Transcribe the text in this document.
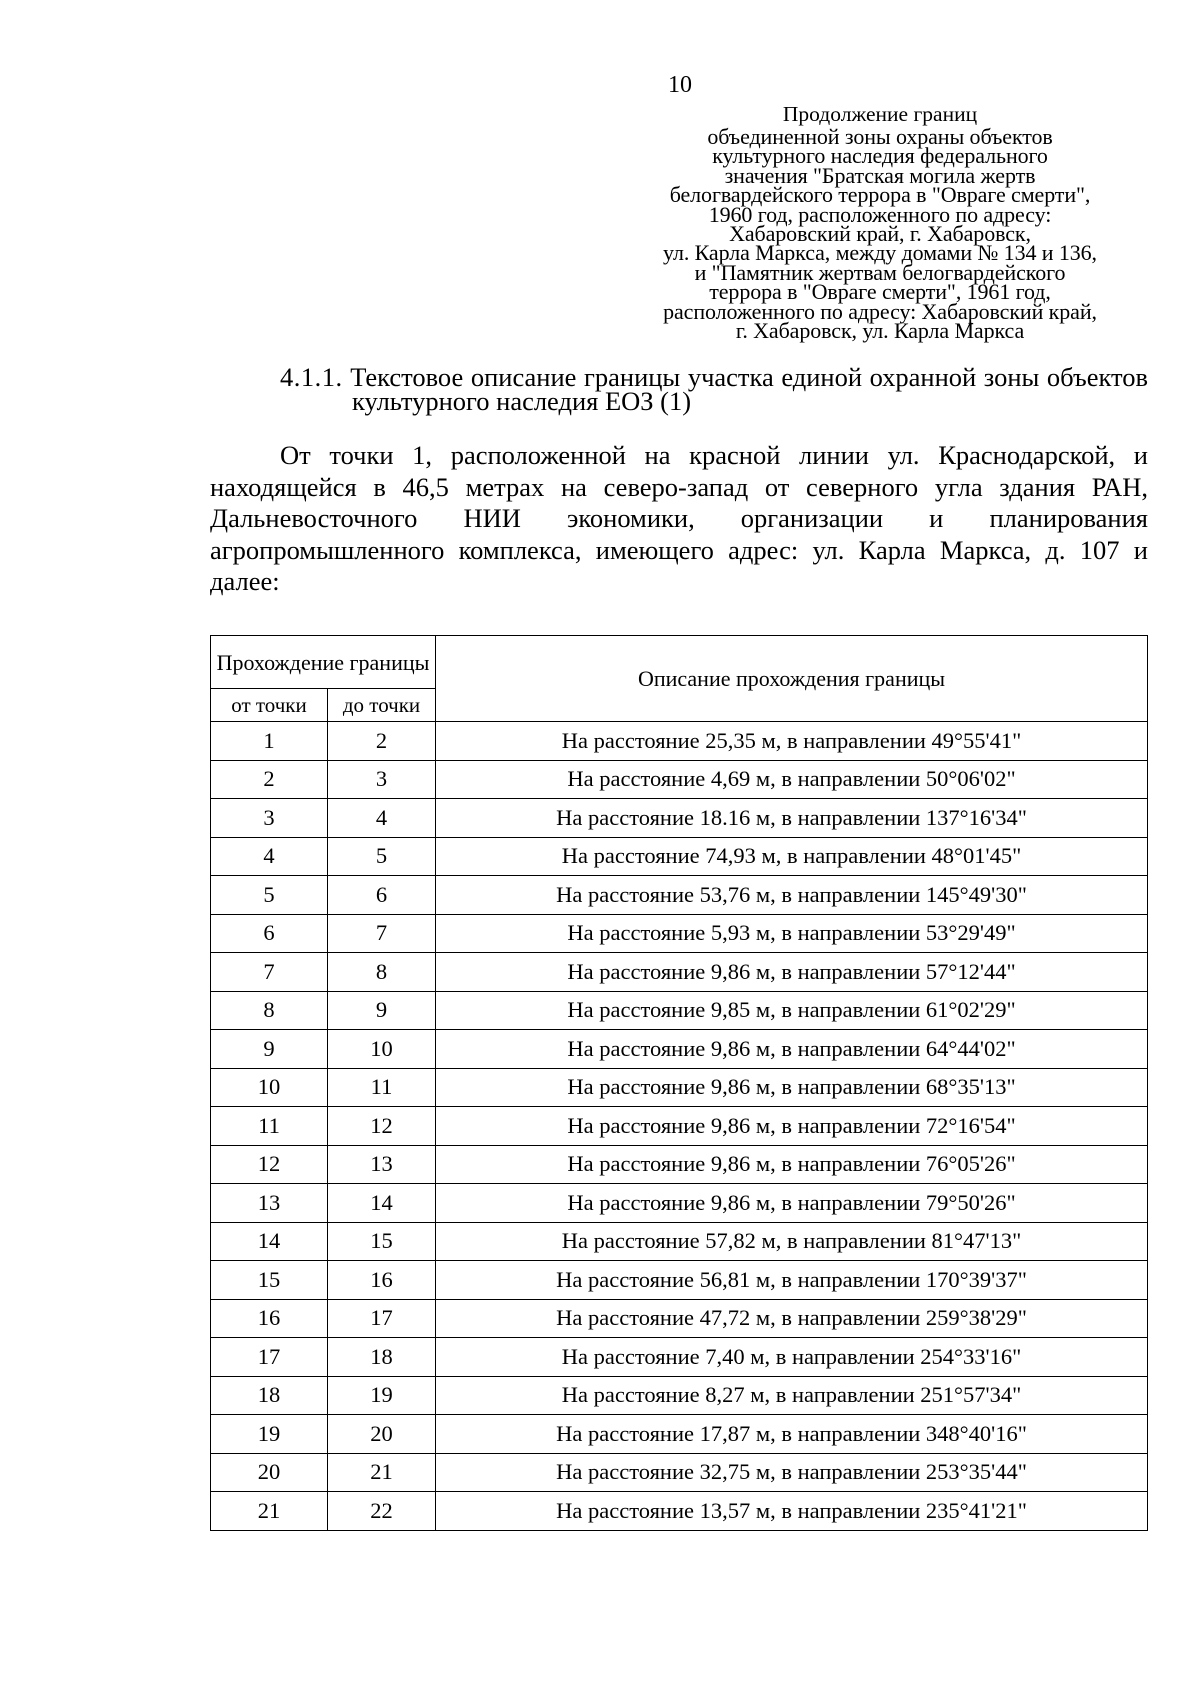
10
Продолжение границ
объединенной зоны охраны объектов
культурного наследия федерального
значения "Братская могила жертв
белогвардейского террора в "Овраге смерти",
1960 год, расположенного по адресу:
Хабаровский край, г. Хабаровск,
ул. Карла Маркса, между домами № 134 и 136,
и "Памятник жертвам белогвардейского
террора в "Овраге смерти", 1961 год,
расположенного по адресу: Хабаровский край,
г. Хабаровск, ул. Карла Маркса
4.1.1. Текстовое описание границы участка единой охранной зоны объектов культурного наследия ЕОЗ (1)
От точки 1, расположенной на красной линии ул. Краснодарской, и находящейся в 46,5 метрах на северо-запад от северного угла здания РАН, Дальневосточного НИИ экономики, организации и планирования агропромышленного комплекса, имеющего адрес: ул. Карла Маркса, д. 107 и далее:
Прохождение границы		Описание прохождения границы
от точки	до точки	
1	2	На расстояние 25,35 м, в направлении 49°55'41"
2	3	На расстояние 4,69 м, в направлении 50°06'02"
3	4	На расстояние 18.16 м, в направлении 137°16'34"
4	5	На расстояние 74,93 м, в направлении 48°01'45"
5	6	На расстояние 53,76 м, в направлении 145°49'30"
6	7	На расстояние 5,93 м, в направлении 53°29'49"
7	8	На расстояние 9,86 м, в направлении 57°12'44"
8	9	На расстояние 9,85 м, в направлении 61°02'29"
9	10	На расстояние 9,86 м, в направлении 64°44'02"
10	11	На расстояние 9,86 м, в направлении 68°35'13"
11	12	На расстояние 9,86 м, в направлении 72°16'54"
12	13	На расстояние 9,86 м, в направлении 76°05'26"
13	14	На расстояние 9,86 м, в направлении 79°50'26"
14	15	На расстояние 57,82 м, в направлении 81°47'13"
15	16	На расстояние 56,81 м, в направлении 170°39'37"
16	17	На расстояние 47,72 м, в направлении 259°38'29"
17	18	На расстояние 7,40 м, в направлении 254°33'16"
18	19	На расстояние 8,27 м, в направлении 251°57'34"
19	20	На расстояние 17,87 м, в направлении 348°40'16"
20	21	На расстояние 32,75 м, в направлении 253°35'44"
21	22	На расстояние 13,57 м, в направлении 235°41'21"
